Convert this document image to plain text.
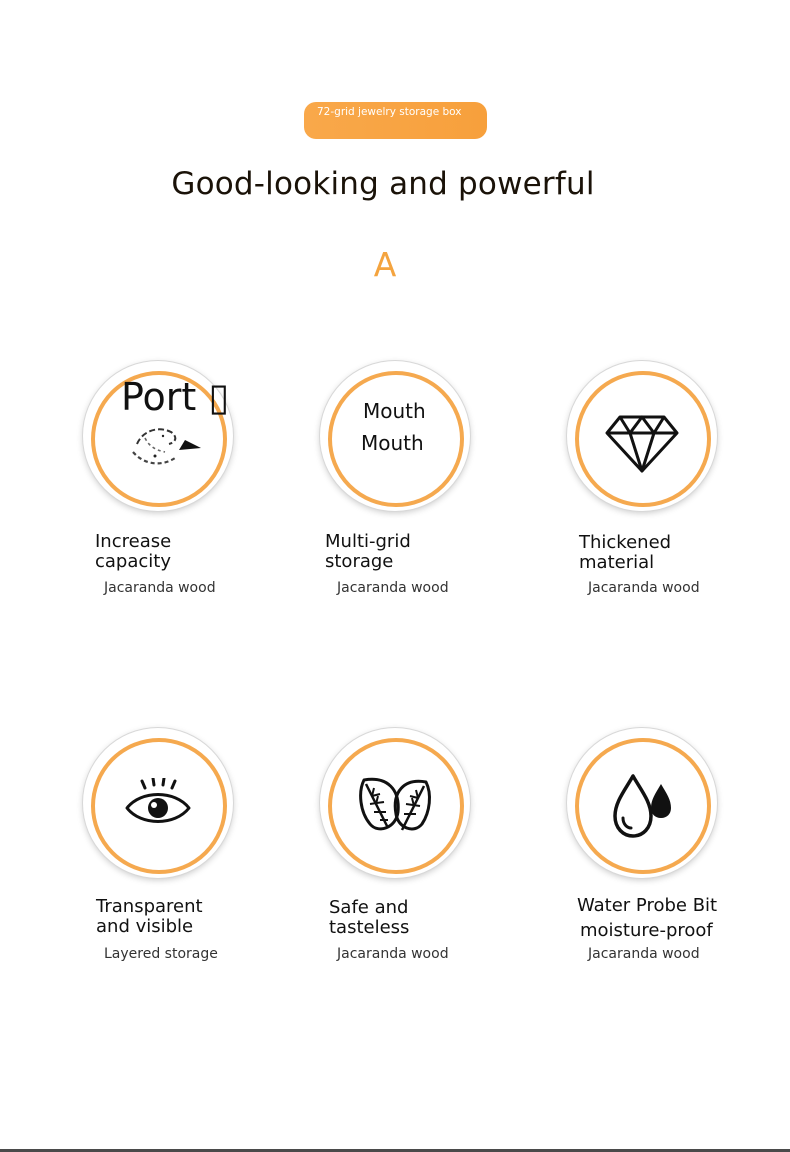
72-grid jewelry storage box
Good-looking and powerful
A
Port ▯
Increase
capacity
Jacaranda wood
Mouth
Mouth
Multi-grid
storage
Jacaranda wood
Thickened
material
Jacaranda wood
Transparent
and visible
Layered storage
Safe and
tasteless
Jacaranda wood
Water Probe Bit
moisture-proof
Jacaranda wood
